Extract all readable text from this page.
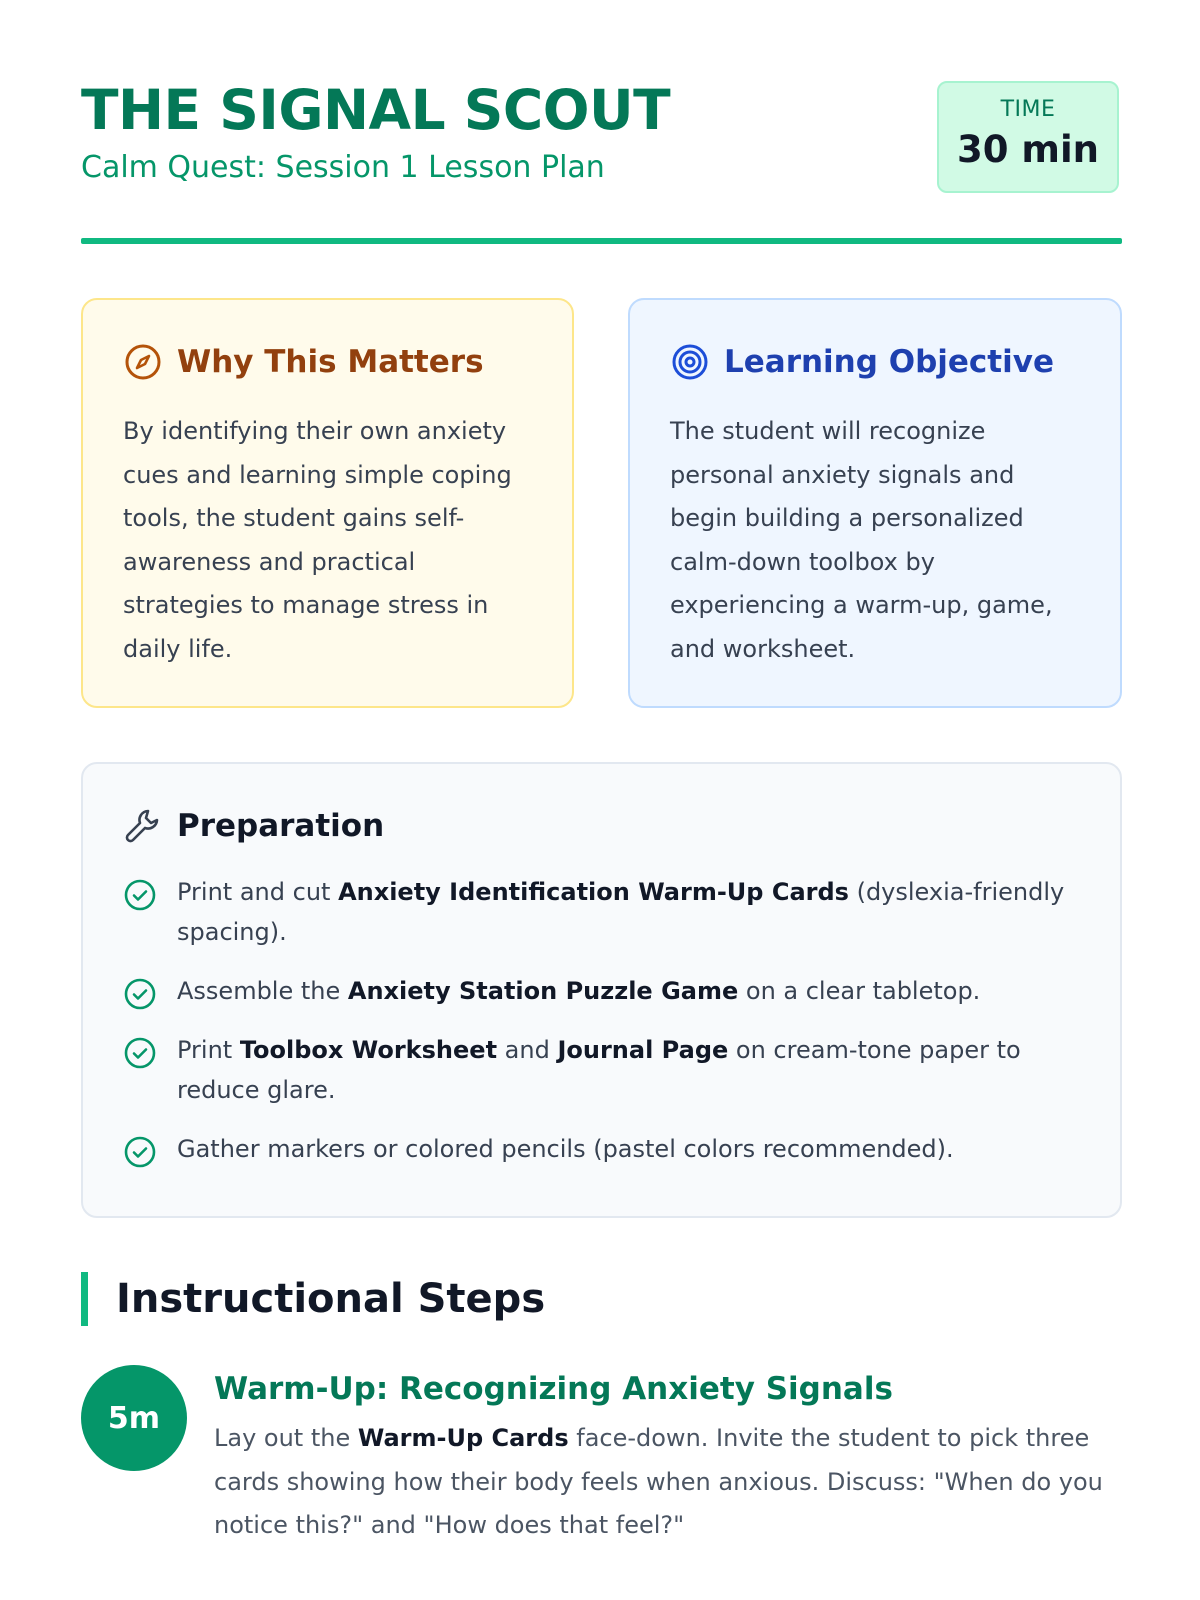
THE SIGNAL SCOUT
Calm Quest: Session 1 Lesson Plan
TIME
30 min
Why This Matters
By identifying their own anxiety cues and learning simple coping tools, the student gains self-awareness and practical strategies to manage stress in daily life.
Learning Objective
The student will recognize personal anxiety signals and begin building a personalized calm-down toolbox by experiencing a warm-up, game, and worksheet.
Preparation
Print and cut Anxiety Identification Warm-Up Cards (dyslexia-friendly spacing).
Assemble the Anxiety Station Puzzle Game on a clear tabletop.
Print Toolbox Worksheet and Journal Page on cream-tone paper to reduce glare.
Gather markers or colored pencils (pastel colors recommended).
Instructional Steps
5m
Warm-Up: Recognizing Anxiety Signals
Lay out the Warm-Up Cards face-down. Invite the student to pick three cards showing how their body feels when anxious. Discuss: "When do you notice this?" and "How does that feel?"
